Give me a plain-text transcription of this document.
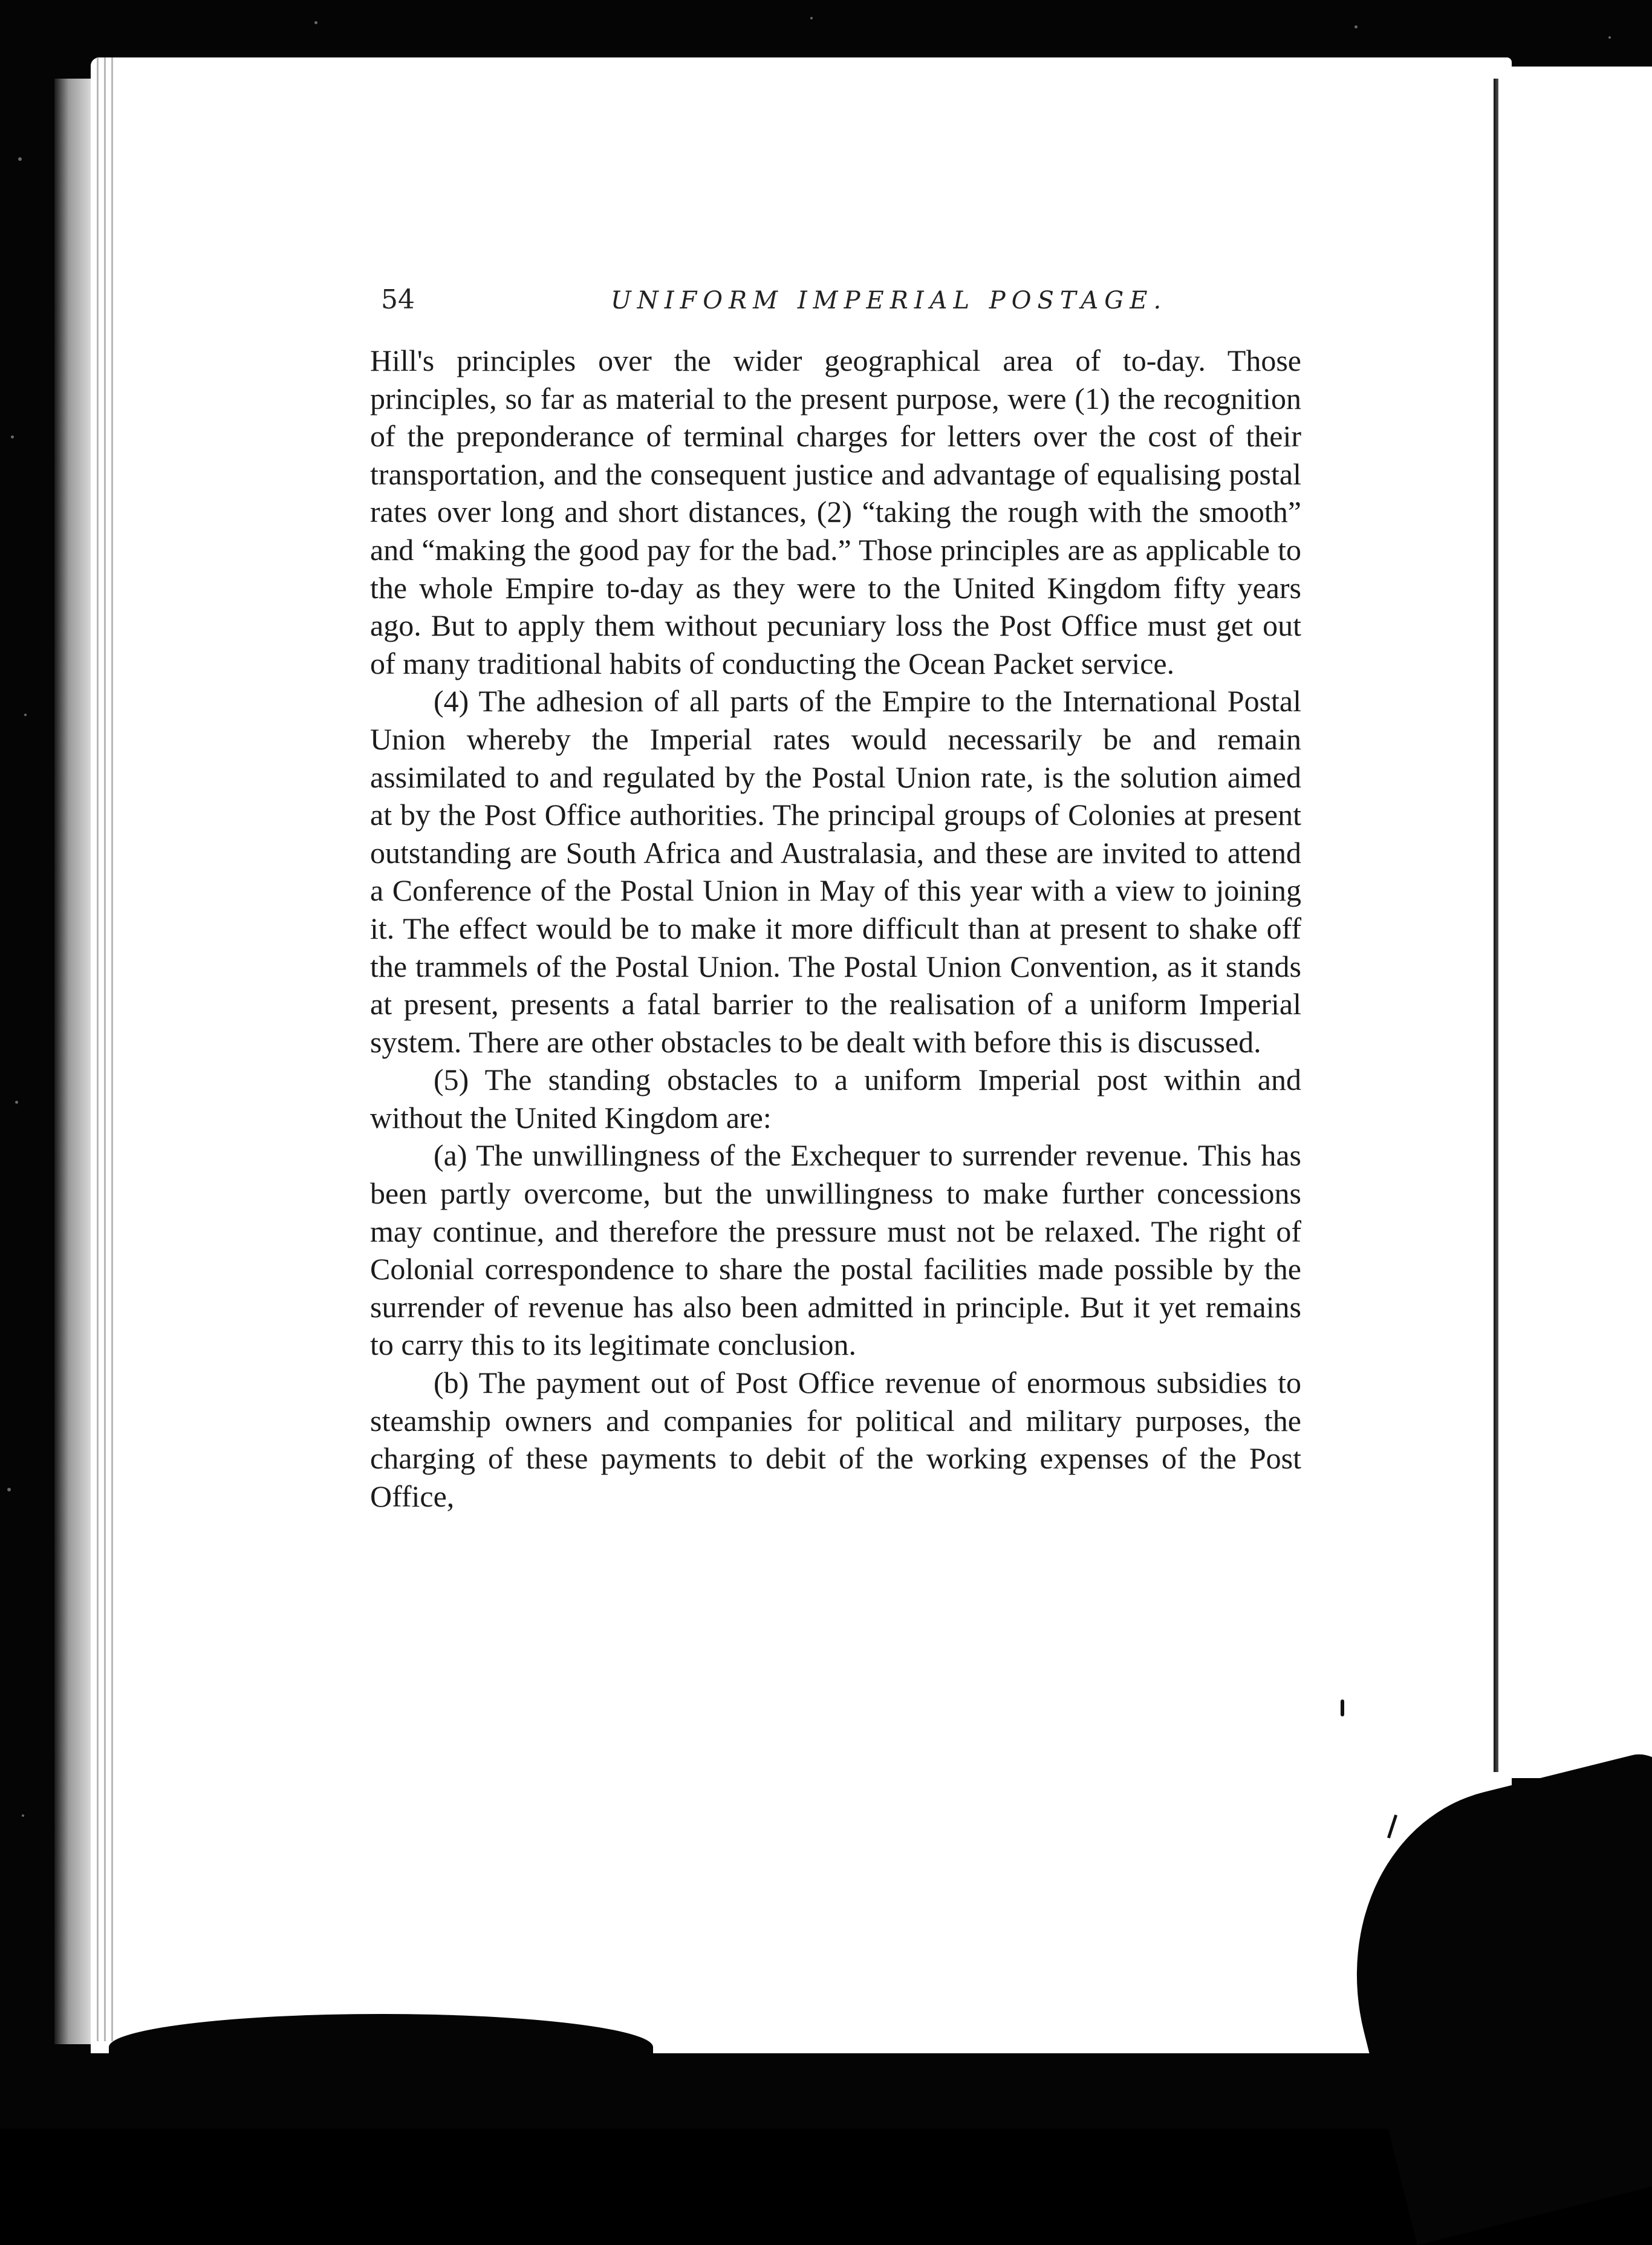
54	UNIFORM IMPERIAL POSTAGE.

Hill's principles over the wider geographical area of to-day. Those principles, so far as material to the present purpose, were (1) the recognition of the preponderance of terminal charges for letters over the cost of their transportation, and the consequent justice and advantage of equalising postal rates over long and short distances, (2) “taking the rough with the smooth” and “making the good pay for the bad.” Those principles are as applicable to the whole Empire to-day as they were to the United Kingdom fifty years ago. But to apply them without pecuniary loss the Post Office must get out of many traditional habits of conducting the Ocean Packet service.

(4) The adhesion of all parts of the Empire to the International Postal Union whereby the Imperial rates would necessarily be and remain assimilated to and regulated by the Postal Union rate, is the solution aimed at by the Post Office authorities. The principal groups of Colonies at present outstanding are South Africa and Australasia, and these are invited to attend a Conference of the Postal Union in May of this year with a view to joining it. The effect would be to make it more difficult than at present to shake off the trammels of the Postal Union. The Postal Union Convention, as it stands at present, presents a fatal barrier to the realisation of a uniform Imperial system. There are other obstacles to be dealt with before this is discussed.

(5) The standing obstacles to a uniform Imperial post within and without the United Kingdom are:

(a) The unwillingness of the Exchequer to surrender revenue. This has been partly overcome, but the unwillingness to make further concessions may continue, and therefore the pressure must not be relaxed. The right of Colonial correspondence to share the postal facilities made possible by the surrender of revenue has also been admitted in principle. But it yet remains to carry this to its legitimate conclusion.

(b) The payment out of Post Office revenue of enormous subsidies to steamship owners and companies for political and military purposes, the charging of these payments to debit of the working expenses of the Post Office,
